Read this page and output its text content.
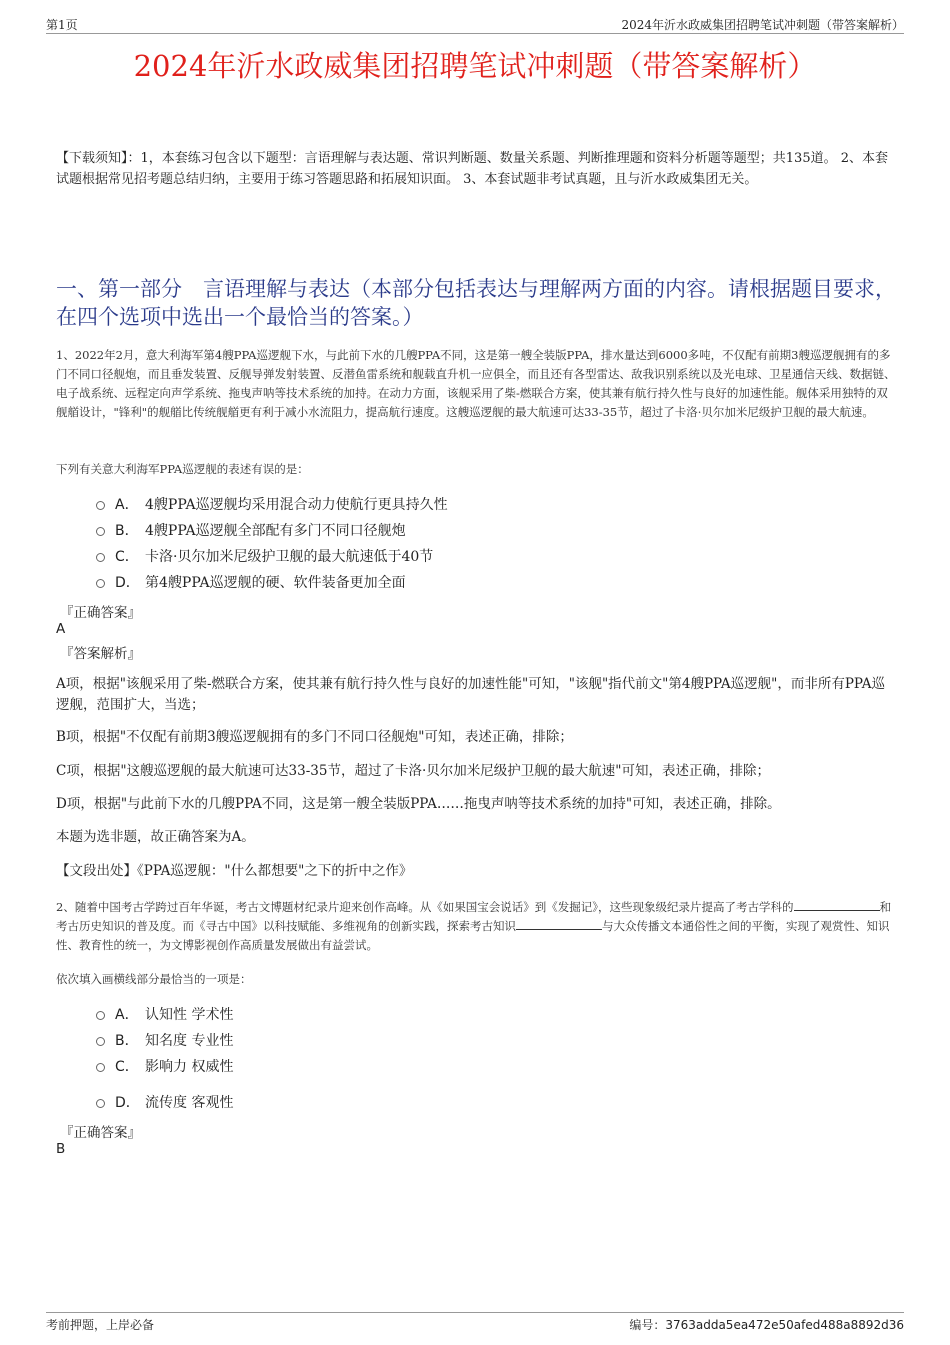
第1页	2024年沂水政威集团招聘笔试冲刺题（带答案解析）
2024年沂水政威集团招聘笔试冲刺题（带答案解析）
【下载须知】：1，本套练习包含以下题型：言语理解与表达题、常识判断题、数量关系题、判断推理题和资料分析题等题型；共135道。 2、本套试题根据常见招考题总结归纳，主要用于练习答题思路和拓展知识面。 3、本套试题非考试真题，且与沂水政威集团无关。
一、第一部分　言语理解与表达（本部分包括表达与理解两方面的内容。请根据题目要求，在四个选项中选出一个最恰当的答案。）
1、2022年2月，意大利海军第4艘PPA巡逻舰下水，与此前下水的几艘PPA不同，这是第一艘全装版PPA，排水量达到6000多吨，不仅配有前期3艘巡逻舰拥有的多门不同口径舰炮，而且垂发装置、反舰导弹发射装置、反潜鱼雷系统和舰载直升机一应俱全，而且还有各型雷达、敌我识别系统以及光电球、卫星通信天线、数据链、电子战系统、远程定向声学系统、拖曳声呐等技术系统的加持。在动力方面，该舰采用了柴-燃联合方案，使其兼有航行持久性与良好的加速性能。舰体采用独特的双舰艏设计，"锋利"的舰艏比传统舰艏更有利于减小水流阻力，提高航行速度。这艘巡逻舰的最大航速可达33-35节，超过了卡洛·贝尔加米尼级护卫舰的最大航速。
下列有关意大利海军PPA巡逻舰的表述有误的是：
A． 4艘PPA巡逻舰均采用混合动力使航行更具持久性
B． 4艘PPA巡逻舰全部配有多门不同口径舰炮
C． 卡洛·贝尔加米尼级护卫舰的最大航速低于40节
D． 第4艘PPA巡逻舰的硬、软件装备更加全面
『正确答案』
A
『答案解析』
A项，根据"该舰采用了柴-燃联合方案，使其兼有航行持久性与良好的加速性能"可知，"该舰"指代前文"第4艘PPA巡逻舰"，而非所有PPA巡逻舰，范围扩大，当选；
B项，根据"不仅配有前期3艘巡逻舰拥有的多门不同口径舰炮"可知，表述正确，排除；
C项，根据"这艘巡逻舰的最大航速可达33-35节，超过了卡洛·贝尔加米尼级护卫舰的最大航速"可知，表述正确，排除；
D项，根据"与此前下水的几艘PPA不同，这是第一艘全装版PPA……拖曳声呐等技术系统的加持"可知，表述正确，排除。
本题为选非题，故正确答案为A。
【文段出处】《PPA巡逻舰："什么都想要"之下的折中之作》
2、随着中国考古学跨过百年华诞，考古文博题材纪录片迎来创作高峰。从《如果国宝会说话》到《发掘记》，这些现象级纪录片提高了考古学科的	和考古历史知识的普及度。而《寻古中国》以科技赋能、多维视角的创新实践，探索考古知识	与大众传播文本通俗性之间的平衡，实现了观赏性、知识性、教育性的统一，为文博影视创作高质量发展做出有益尝试。
依次填入画横线部分最恰当的一项是：
A． 认知性 学术性
B． 知名度 专业性
C． 影响力 权威性
D． 流传度 客观性
『正确答案』
B
考前押题，上岸必备	编号：3763adda5ea472e50afed488a8892d36
